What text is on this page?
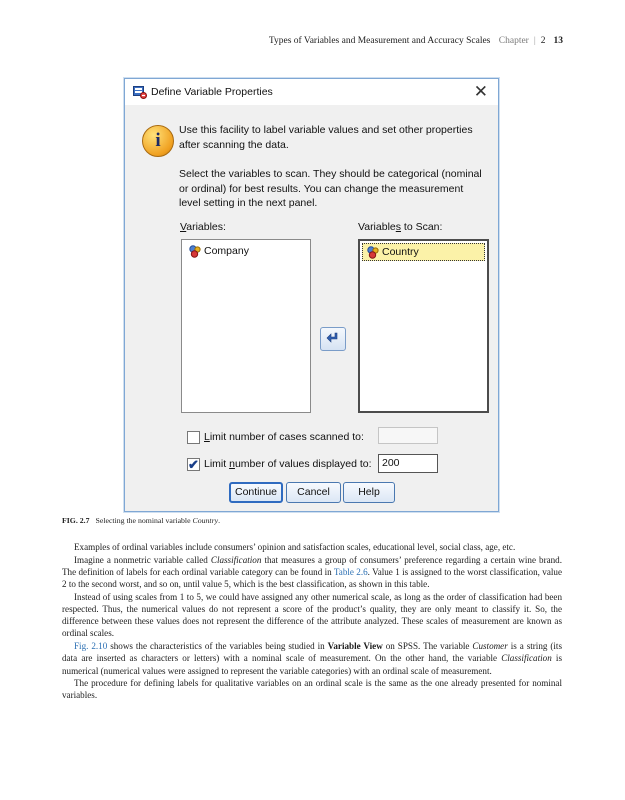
Types of Variables and Measurement and Accuracy Scales Chapter | 2 13
Define Variable Properties	✕
i	Use this facility to label variable values and set other properties after scanning the data.
Select the variables to scan. They should be categorical (nominal or ordinal) for best results. You can change the measurement level setting in the next panel.
Variables:	Variables to Scan:
Company	Country
Limit number of cases scanned to:
✔ Limit number of values displayed to: 200
Continue	Cancel	Help
FIG. 2.7 Selecting the nominal variable Country.

Examples of ordinal variables include consumers’ opinion and satisfaction scales, educational level, social class, age, etc.

Imagine a nonmetric variable called Classification that measures a group of consumers’ preference regarding a certain wine brand. The definition of labels for each ordinal variable category can be found in Table 2.6. Value 1 is assigned to the worst classification, value 2 to the second worst, and so on, until value 5, which is the best classification, as shown in this table.

Instead of using scales from 1 to 5, we could have assigned any other numerical scale, as long as the order of classification had been respected. Thus, the numerical values do not represent a score of the product’s quality, they are only meant to classify it. So, the difference between these values does not represent the difference of the attribute analyzed. These scales of measurement are known as ordinal scales.

Fig. 2.10 shows the characteristics of the variables being studied in Variable View on SPSS. The variable Customer is a string (its data are inserted as characters or letters) with a nominal scale of measurement. On the other hand, the variable Classification is numerical (numerical values were assigned to represent the variable categories) with an ordinal scale of measurement.

The procedure for defining labels for qualitative variables on an ordinal scale is the same as the one already presented for nominal variables.
